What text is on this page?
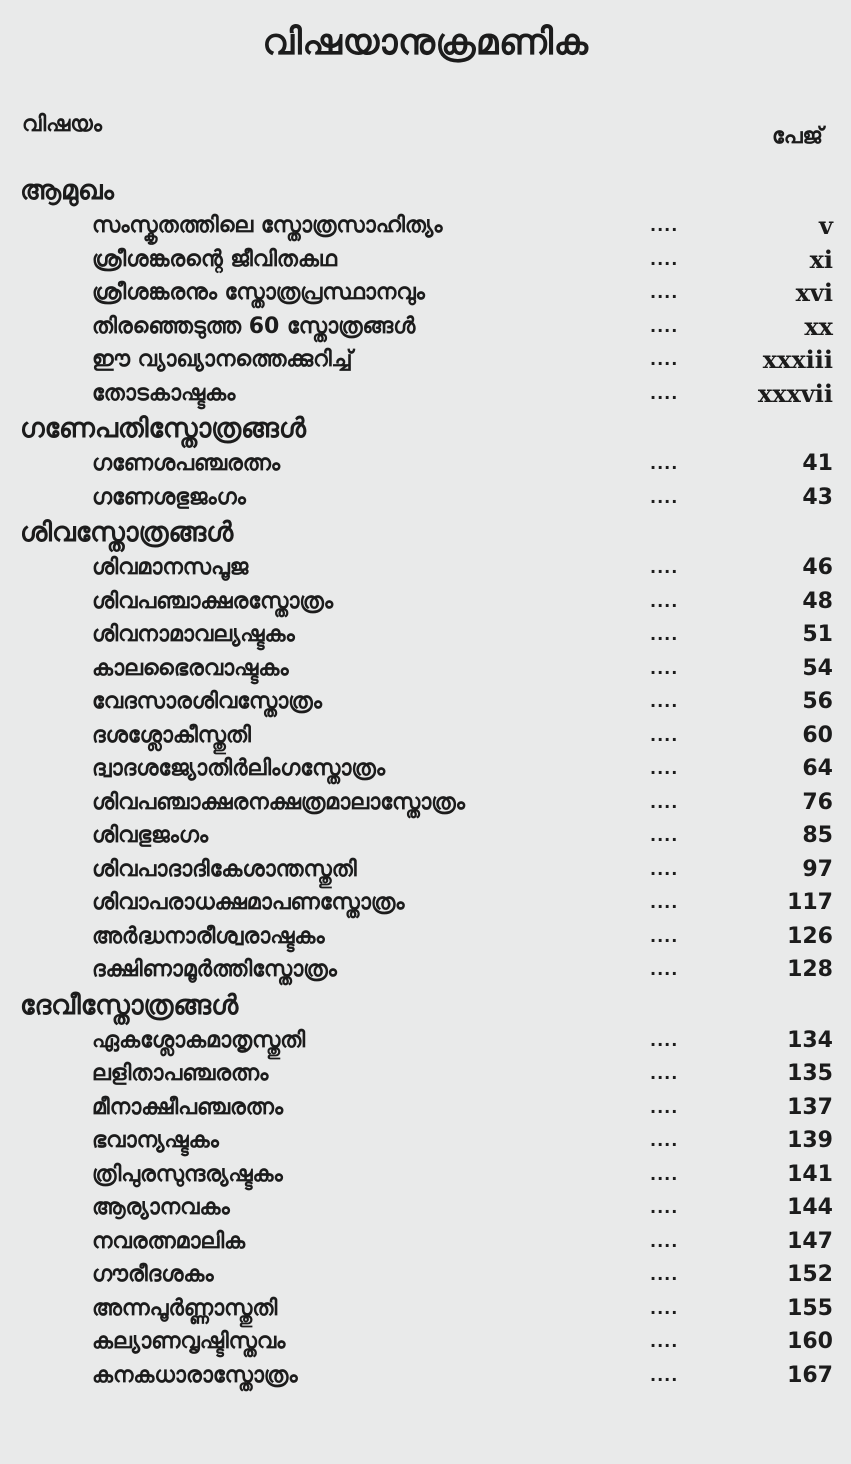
വിഷയാനുക്രമണിക
വിഷയം	പേജ്
ആമുഖം
സംസ്കൃതത്തിലെ സ്തോത്രസാഹിത്യം	....	v
ശ്രീശങ്കരന്റെ ജീവിതകഥ	....	xi
ശ്രീശങ്കരനും സ്തോത്രപ്രസ്ഥാനവും	....	xvi
തിരഞ്ഞെടുത്ത 60 സ്തോത്രങ്ങൾ	....	xx
ഈ വ്യാഖ്യാനത്തെക്കുറിച്ച്	....	xxxiii
തോടകാഷ്ടകം	....	xxxvii
ഗണേപതിസ്തോത്രങ്ങൾ
ഗണേശപഞ്ചരത്നം	....	41
ഗണേശഭുജംഗം	....	43
ശിവസ്തോത്രങ്ങൾ
ശിവമാനസപൂജ	....	46
ശിവപഞ്ചാക്ഷരസ്തോത്രം	....	48
ശിവനാമാവല്യഷ്ടകം	....	51
കാലഭൈരവാഷ്ടകം	....	54
വേദസാരശിവസ്തോത്രം	....	56
ദശശ്ലോകീസ്തുതി	....	60
ദ്വാദശജ്യോതിർലിംഗസ്തോത്രം	....	64
ശിവപഞ്ചാക്ഷരനക്ഷത്രമാലാസ്തോത്രം	....	76
ശിവഭുജംഗം	....	85
ശിവപാദാദികേശാന്തസ്തുതി	....	97
ശിവാപരാധക്ഷമാപണസ്തോത്രം	....	117
അർദ്ധനാരീശ്വരാഷ്ടകം	....	126
ദക്ഷിണാമൂർത്തിസ്തോത്രം	....	128
ദേവീസ്തോത്രങ്ങൾ
ഏകശ്ലോകമാതൃസ്തുതി	....	134
ലളിതാപഞ്ചരത്നം	....	135
മീനാക്ഷീപഞ്ചരത്നം	....	137
ഭവാന്യഷ്ടകം	....	139
ത്രിപുരസുന്ദര്യഷ്ടകം	....	141
ആര്യാനവകം	....	144
നവരത്നമാലിക	....	147
ഗൗരീദശകം	....	152
അന്നപൂർണ്ണാസ്തുതി	....	155
കല്യാണവൃഷ്ടിസ്തവം	....	160
കനകധാരാസ്തോത്രം	....	167
